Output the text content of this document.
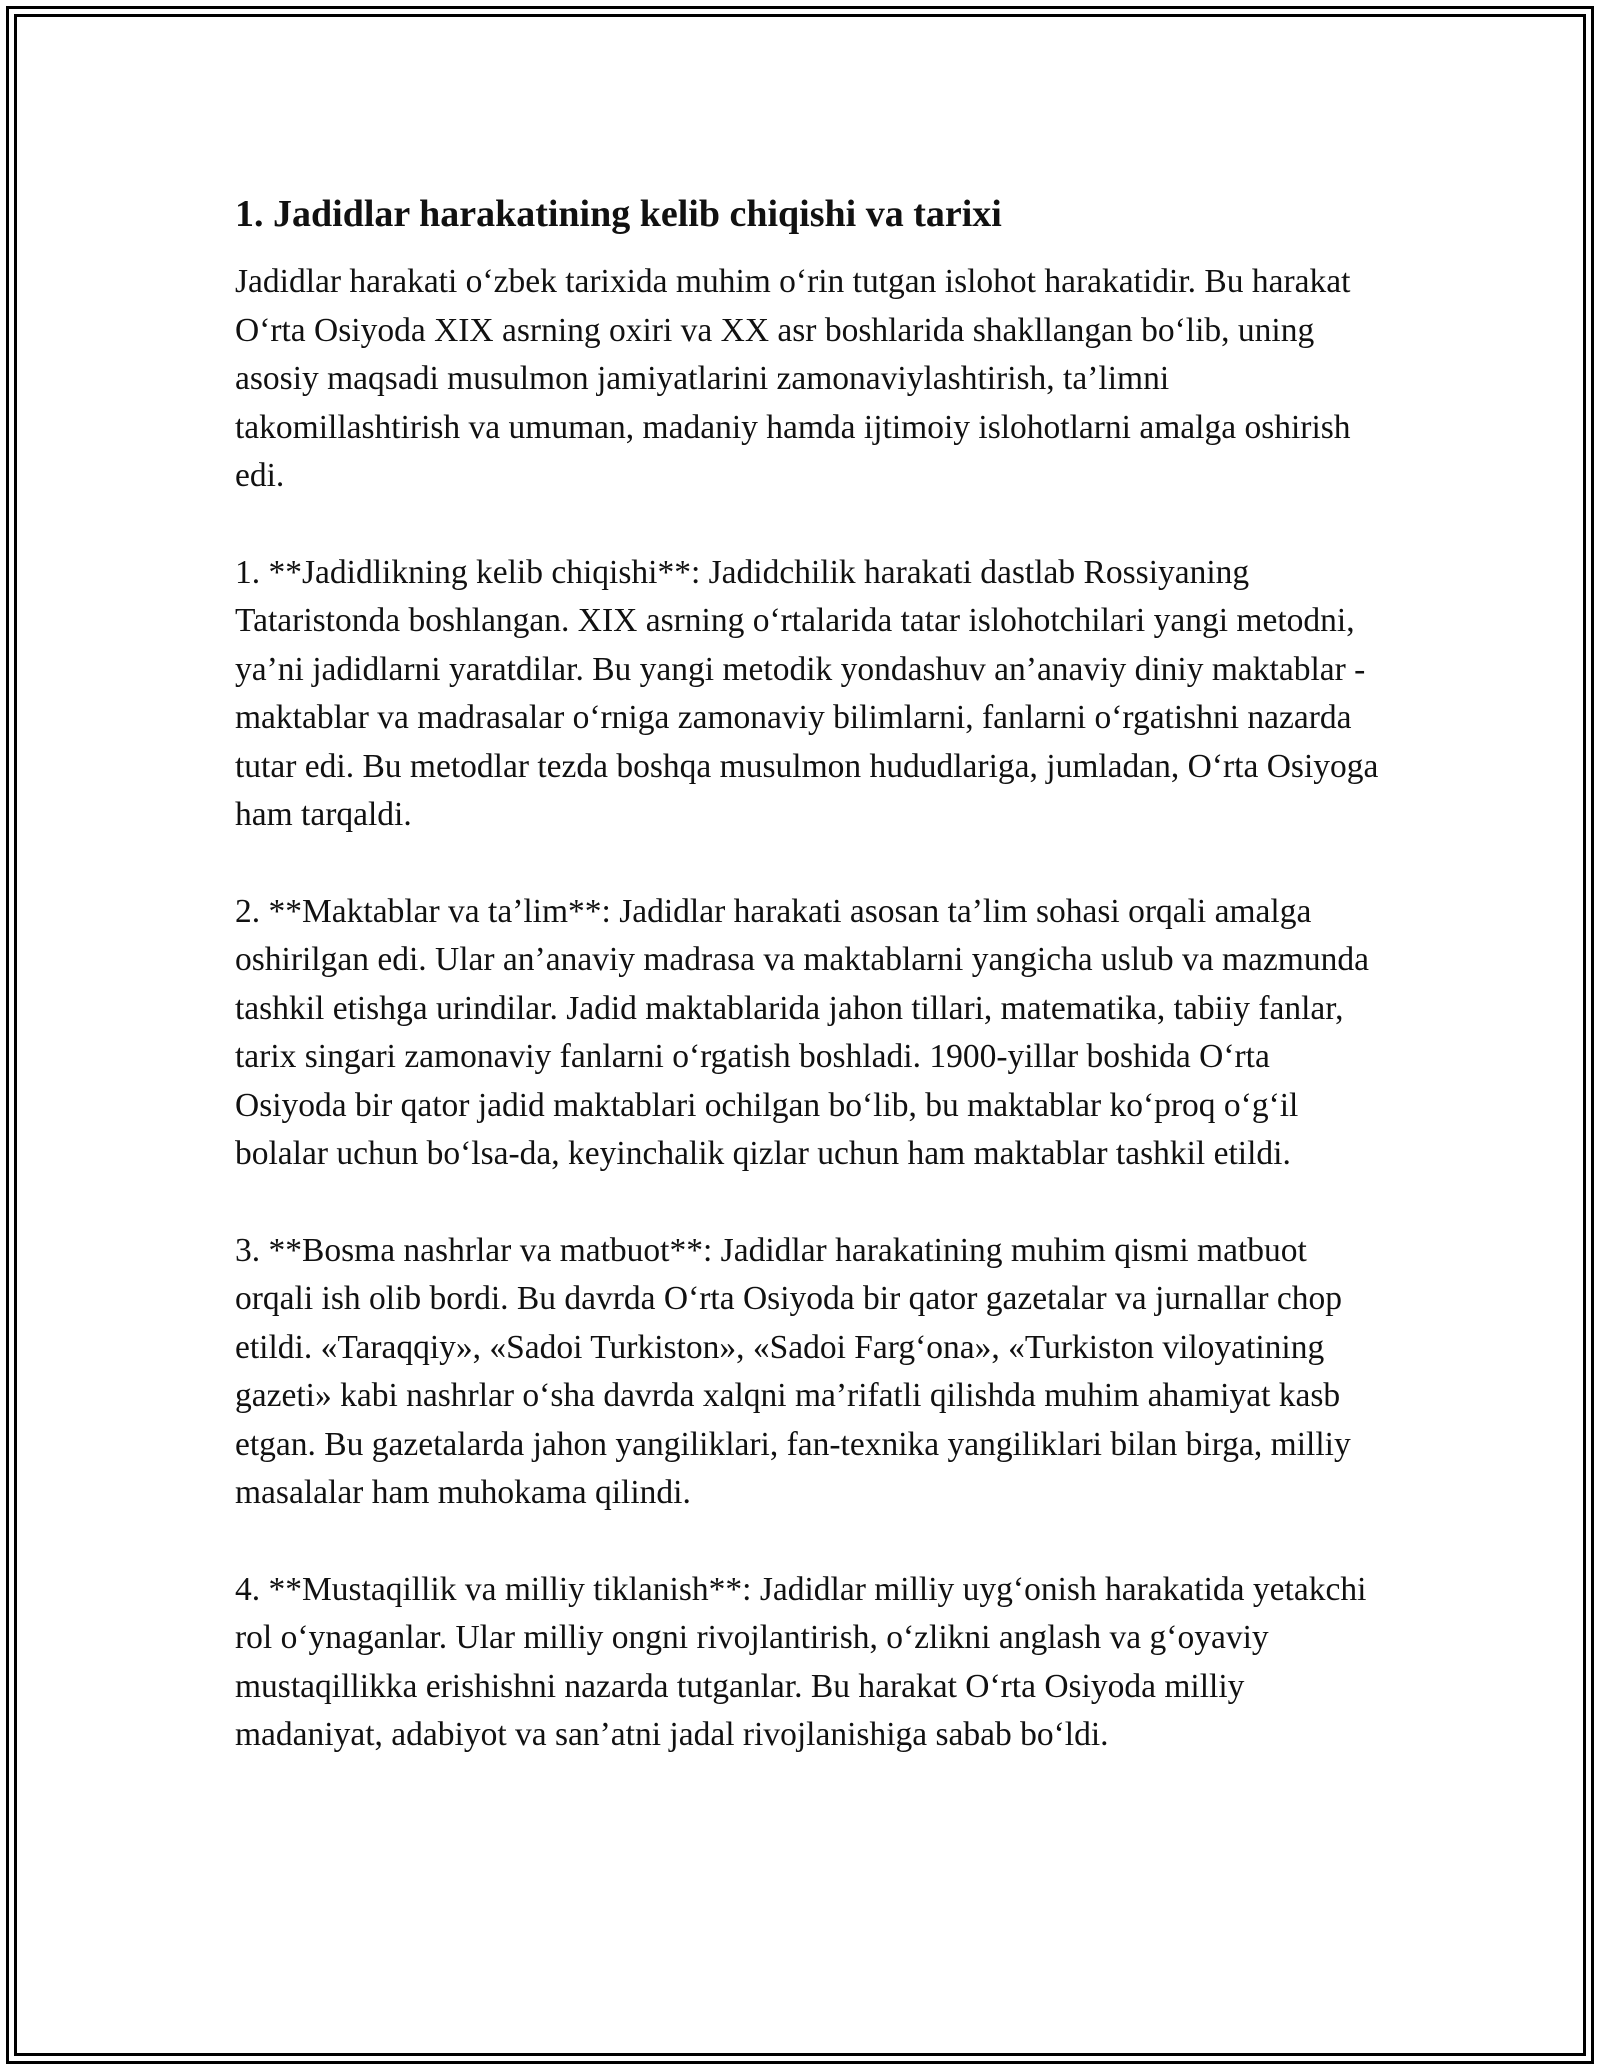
1. Jadidlar harakatining kelib chiqishi va tarixi

Jadidlar harakati o‘zbek tarixida muhim o‘rin tutgan islohot harakatidir. Bu harakat O‘rta Osiyoda XIX asrning oxiri va XX asr boshlarida shakllangan bo‘lib, uning asosiy maqsadi musulmon jamiyatlarini zamonaviylashtirish, ta’limni takomillashtirish va umuman, madaniy hamda ijtimoiy islohotlarni amalga oshirish edi.

1. **Jadidlikning kelib chiqishi**: Jadidchilik harakati dastlab Rossiyaning Tataristonda boshlangan. XIX asrning o‘rtalarida tatar islohotchilari yangi metodni, ya’ni jadidlarni yaratdilar. Bu yangi metodik yondashuv an’anaviy diniy maktablar - maktablar va madrasalar o‘rniga zamonaviy bilimlarni, fanlarni o‘rgatishni nazarda tutar edi. Bu metodlar tezda boshqa musulmon hududlariga, jumladan, O‘rta Osiyoga ham tarqaldi.

2. **Maktablar va ta’lim**: Jadidlar harakati asosan ta’lim sohasi orqali amalga oshirilgan edi. Ular an’anaviy madrasa va maktablarni yangicha uslub va mazmunda tashkil etishga urindilar. Jadid maktablarida jahon tillari, matematika, tabiiy fanlar, tarix singari zamonaviy fanlarni o‘rgatish boshladi. 1900-yillar boshida O‘rta Osiyoda bir qator jadid maktablari ochilgan bo‘lib, bu maktablar ko‘proq o‘g‘il bolalar uchun bo‘lsa-da, keyinchalik qizlar uchun ham maktablar tashkil etildi.

3. **Bosma nashrlar va matbuot**: Jadidlar harakatining muhim qismi matbuot orqali ish olib bordi. Bu davrda O‘rta Osiyoda bir qator gazetalar va jurnallar chop etildi. «Taraqqiy», «Sadoi Turkiston», «Sadoi Farg‘ona», «Turkiston viloyatining gazeti» kabi nashrlar o‘sha davrda xalqni ma’rifatli qilishda muhim ahamiyat kasb etgan. Bu gazetalarda jahon yangiliklari, fan-texnika yangiliklari bilan birga, milliy masalalar ham muhokama qilindi.

4. **Mustaqillik va milliy tiklanish**: Jadidlar milliy uyg‘onish harakatida yetakchi rol o‘ynaganlar. Ular milliy ongni rivojlantirish, o‘zlikni anglash va g‘oyaviy mustaqillikka erishishni nazarda tutganlar. Bu harakat O‘rta Osiyoda milliy madaniyat, adabiyot va san’atni jadal rivojlanishiga sabab bo‘ldi.
